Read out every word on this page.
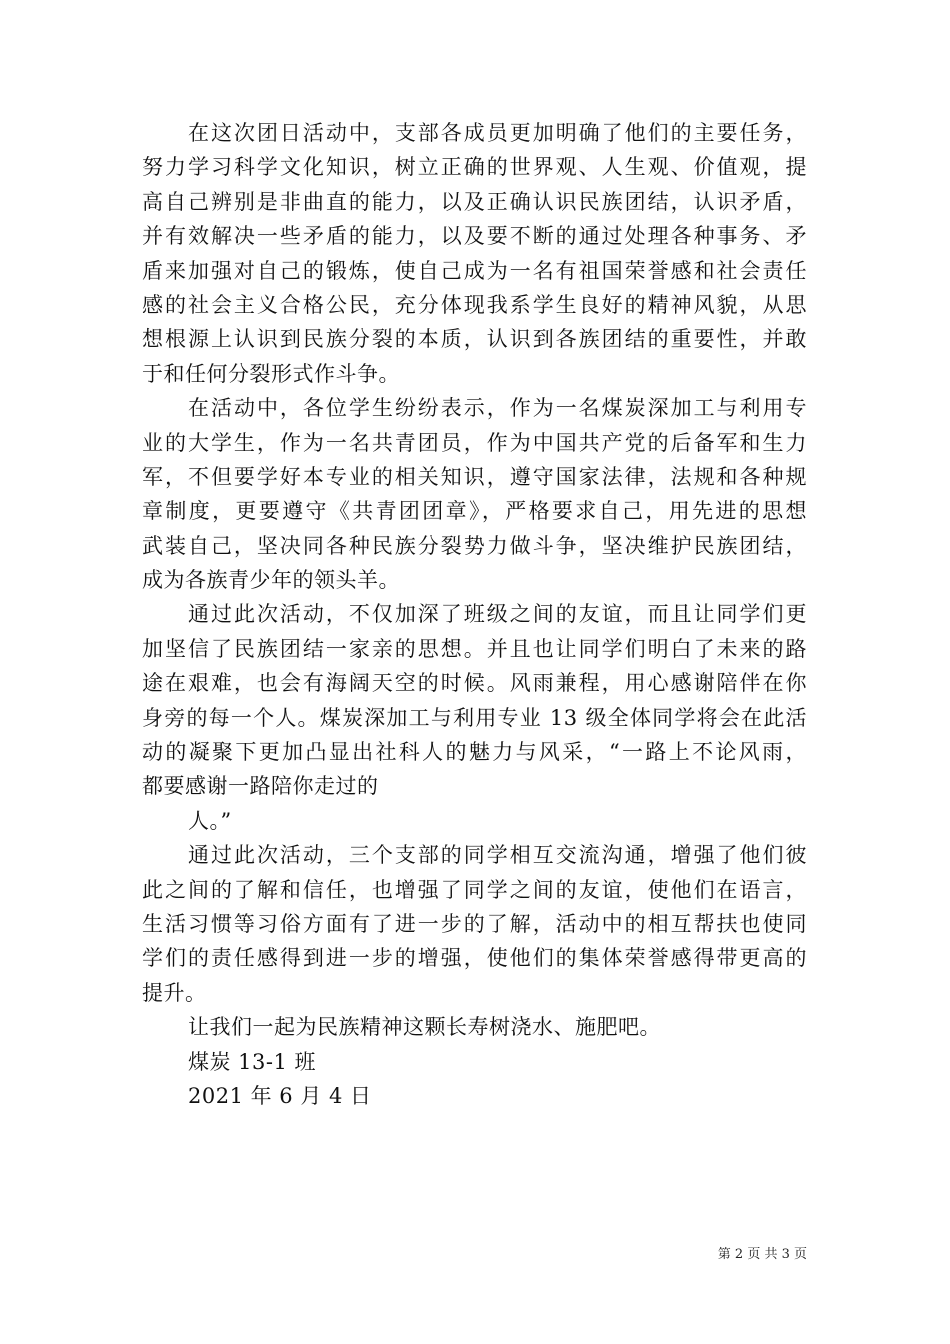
在这次团日活动中，支部各成员更加明确了他们的主要任务，
努力学习科学文化知识，树立正确的世界观、人生观、价值观，提
高自己辨别是非曲直的能力，以及正确认识民族团结，认识矛盾，
并有效解决一些矛盾的能力，以及要不断的通过处理各种事务、矛
盾来加强对自己的锻炼，使自己成为一名有祖国荣誉感和社会责任
感的社会主义合格公民，充分体现我系学生良好的精神风貌，从思
想根源上认识到民族分裂的本质，认识到各族团结的重要性，并敢
于和任何分裂形式作斗争。
在活动中，各位学生纷纷表示，作为一名煤炭深加工与利用专
业的大学生，作为一名共青团员，作为中国共产党的后备军和生力
军，不但要学好本专业的相关知识，遵守国家法律，法规和各种规
章制度，更要遵守《共青团团章》，严格要求自己，用先进的思想
武装自己，坚决同各种民族分裂势力做斗争，坚决维护民族团结，
成为各族青少年的领头羊。
通过此次活动，不仅加深了班级之间的友谊，而且让同学们更
加坚信了民族团结一家亲的思想。并且也让同学们明白了未来的路
途在艰难，也会有海阔天空的时候。风雨兼程，用心感谢陪伴在你
身旁的每一个人。煤炭深加工与利用专业 13 级全体同学将会在此活
动的凝聚下更加凸显出社科人的魅力与风采，“一路上不论风雨，
都要感谢一路陪你走过的
人。”
通过此次活动，三个支部的同学相互交流沟通，增强了他们彼
此之间的了解和信任，也增强了同学之间的友谊，使他们在语言，
生活习惯等习俗方面有了进一步的了解，活动中的相互帮扶也使同
学们的责任感得到进一步的增强，使他们的集体荣誉感得带更高的
提升。
让我们一起为民族精神这颗长寿树浇水、施肥吧。
煤炭 13-1 班
2021 年 6 月 4 日
第 2 页 共 3 页
